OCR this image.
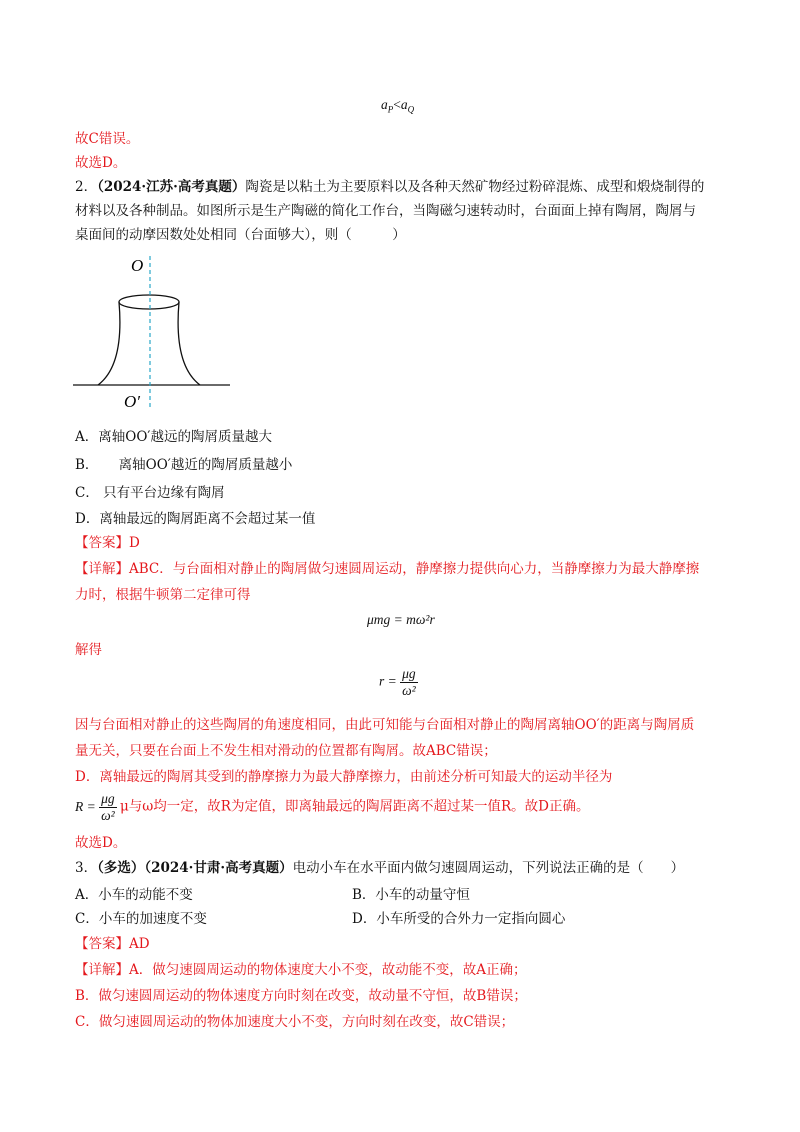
$a_P<a_Q$
故C错误。
故选D。
2．（2024·江苏·高考真题）陶瓷是以粘土为主要原料以及各种天然矿物经过粉碎混炼、成型和煅烧制得的
材料以及各种制品。如图所示是生产陶磁的简化工作台，当陶磁匀速转动时，台面面上掉有陶屑，陶屑与
桌面间的动摩因数处处相同（台面够大），则（　　　）
O
O′
A．离轴OO′越远的陶屑质量越大
B．　　离轴OO′越近的陶屑质量越小
C． 只有平台边缘有陶屑
D．离轴最远的陶屑距离不会超过某一值
【答案】D
【详解】ABC．与台面相对静止的陶屑做匀速圆周运动，静摩擦力提供向心力，当静摩擦力为最大静摩擦
力时，根据牛顿第二定律可得
μmg = mω²r
解得
$r = \frac{\mu g}{\text{ω²}}$
因与台面相对静止的这些陶屑的角速度相同，由此可知能与台面相对静止的陶屑离轴OO′的距离与陶屑质
量无关，只要在台面上不发生相对滑动的位置都有陶屑。故ABC错误；
D．离轴最远的陶屑其受到的静摩擦力为最大静摩擦力，由前述分析可知最大的运动半径为
$R = \frac{\mu g}{\text{ω²}}$ μ与ω均一定，故R为定值，即离轴最远的陶屑距离不超过某一值R。故D正确。
故选D。
3．（多选）（2024·甘肃·高考真题）电动小车在水平面内做匀速圆周运动，下列说法正确的是（　　）
A．小车的动能不变	B．小车的动量守恒
C．小车的加速度不变	D．小车所受的合外力一定指向圆心
【答案】AD
【详解】A．做匀速圆周运动的物体速度大小不变，故动能不变，故A正确；
B．做匀速圆周运动的物体速度方向时刻在改变，故动量不守恒，故B错误；
C．做匀速圆周运动的物体加速度大小不变，方向时刻在改变，故C错误；
